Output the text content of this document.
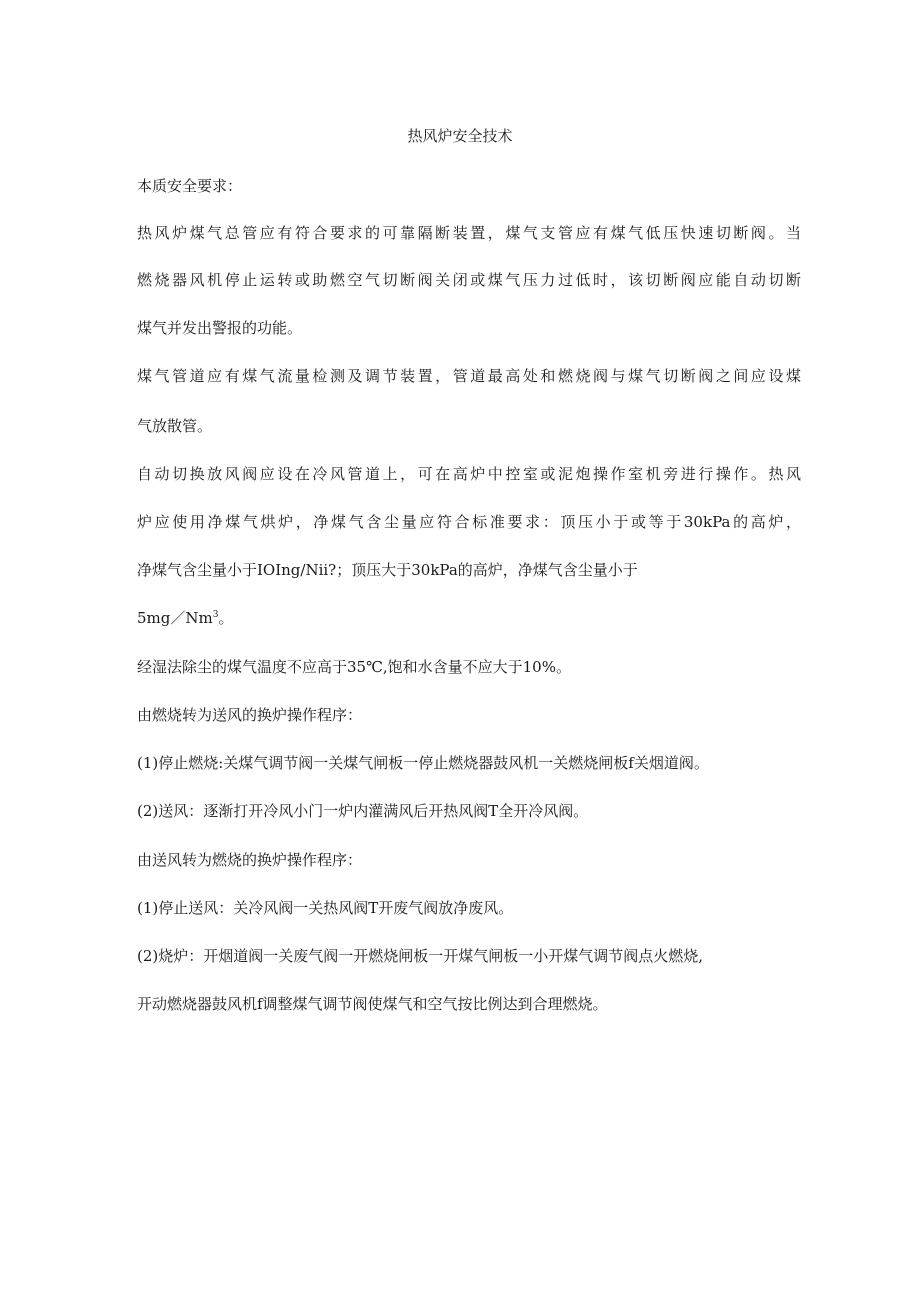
热风炉安全技术
本质安全要求：
热风炉煤气总管应有符合要求的可靠隔断装置，煤气支管应有煤气低压快速切断阀。当
燃烧器风机停止运转或助燃空气切断阀关闭或煤气压力过低时，该切断阀应能自动切断
煤气并发出警报的功能。
煤气管道应有煤气流量检测及调节装置，管道最高处和燃烧阀与煤气切断阀之间应设煤
气放散管。
自动切换放风阀应设在冷风管道上，可在高炉中控室或泥炮操作室机旁进行操作。热风
炉应使用净煤气烘炉，净煤气含尘量应符合标准要求：顶压小于或等于30kPa的高炉，
净煤气含尘量小于IOIng/Nii?；顶压大于30kPa的高炉，净煤气含尘量小于
5mg／Nm$^3$。
经湿法除尘的煤气温度不应高于35℃,饱和水含量不应大于10%。
由燃烧转为送风的换炉操作程序：
(1)停止燃烧:关煤气调节阀一关煤气闸板一停止燃烧器鼓风机一关燃烧闸板f关烟道阀。
(2)送风：逐渐打开冷风小门一炉内灌满风后开热风阀T全开冷风阀。
由送风转为燃烧的换炉操作程序：
(1)停止送风：关冷风阀一关热风阀T开废气阀放净废风。
(2)烧炉：开烟道阀一关废气阀一开燃烧闸板一开煤气闸板一小开煤气调节阀点火燃烧,
开动燃烧器鼓风机f调整煤气调节阀使煤气和空气按比例达到合理燃烧。
